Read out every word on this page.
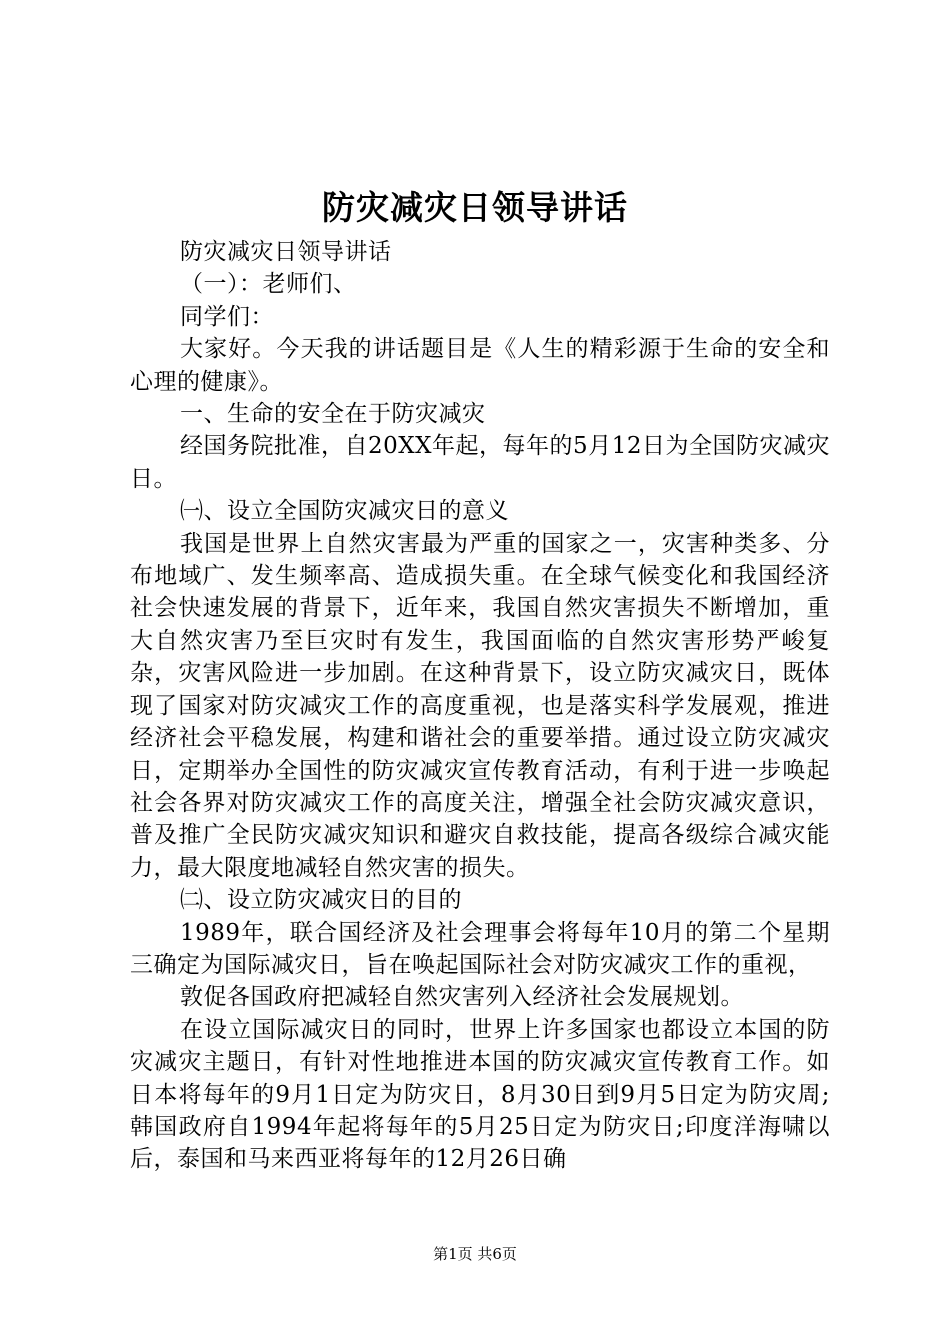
防灾减灾日领导讲话

防灾减灾日领导讲话

（一）：老师们、

同学们：

大家好。今天我的讲话题目是《人生的精彩源于生命的安全和心理的健康》。

一、生命的安全在于防灾减灾

经国务院批准，自20XX年起，每年的5月12日为全国防灾减灾日。

㈠、设立全国防灾减灾日的意义

我国是世界上自然灾害最为严重的国家之一，灾害种类多、分布地域广、发生频率高、造成损失重。在全球气候变化和我国经济社会快速发展的背景下，近年来，我国自然灾害损失不断增加，重大自然灾害乃至巨灾时有发生，我国面临的自然灾害形势严峻复杂，灾害风险进一步加剧。在这种背景下，设立防灾减灾日，既体现了国家对防灾减灾工作的高度重视，也是落实科学发展观，推进经济社会平稳发展，构建和谐社会的重要举措。通过设立防灾减灾日，定期举办全国性的防灾减灾宣传教育活动，有利于进一步唤起社会各界对防灾减灾工作的高度关注，增强全社会防灾减灾意识，普及推广全民防灾减灾知识和避灾自救技能，提高各级综合减灾能力，最大限度地减轻自然灾害的损失。

㈡、设立防灾减灾日的目的

1989年，联合国经济及社会理事会将每年10月的第二个星期三确定为国际减灾日，旨在唤起国际社会对防灾减灾工作的重视，

敦促各国政府把减轻自然灾害列入经济社会发展规划。

在设立国际减灾日的同时，世界上许多国家也都设立本国的防灾减灾主题日，有针对性地推进本国的防灾减灾宣传教育工作。如日本将每年的9月1日定为防灾日，8月30日到9月5日定为防灾周;韩国政府自1994年起将每年的5月25日定为防灾日;印度洋海啸以后，泰国和马来西亚将每年的12月26日确

第1页 共6页
